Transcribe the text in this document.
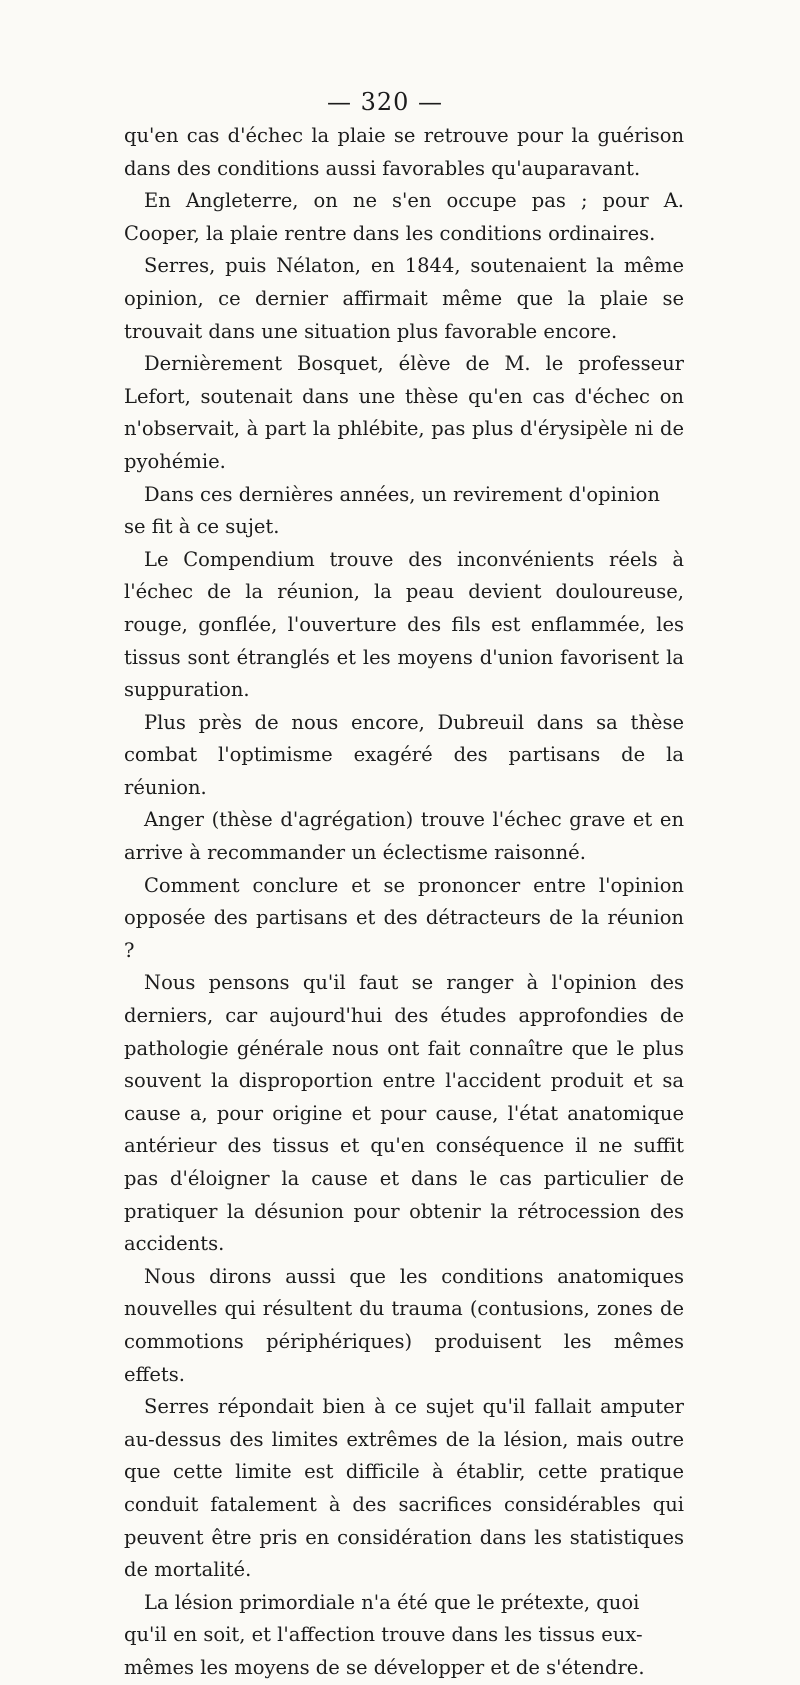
— 320 —

qu'en cas d'échec la plaie se retrouve pour la guérison dans des conditions aussi favorables qu'auparavant.

En Angleterre, on ne s'en occupe pas ; pour A. Cooper, la plaie rentre dans les conditions ordinaires.

Serres, puis Nélaton, en 1844, soutenaient la même opinion, ce dernier affirmait même que la plaie se trouvait dans une situation plus favorable encore.

Dernièrement Bosquet, élève de M. le professeur Lefort, soutenait dans une thèse qu'en cas d'échec on n'observait, à part la phlébite, pas plus d'érysipèle ni de pyohémie.

Dans ces dernières années, un revirement d'opinion se fit à ce sujet.

Le Compendium trouve des inconvénients réels à l'échec de la réunion, la peau devient douloureuse, rouge, gonflée, l'ouverture des fils est enflammée, les tissus sont étranglés et les moyens d'union favorisent la suppuration.

Plus près de nous encore, Dubreuil dans sa thèse combat l'optimisme exagéré des partisans de la réunion.

Anger (thèse d'agrégation) trouve l'échec grave et en arrive à recommander un éclectisme raisonné.

Comment conclure et se prononcer entre l'opinion opposée des partisans et des détracteurs de la réunion ?

Nous pensons qu'il faut se ranger à l'opinion des derniers, car aujourd'hui des études approfondies de pathologie générale nous ont fait connaître que le plus souvent la disproportion entre l'accident produit et sa cause a, pour origine et pour cause, l'état anatomique antérieur des tissus et qu'en conséquence il ne suffit pas d'éloigner la cause et dans le cas particulier de pratiquer la désunion pour obtenir la rétrocession des accidents.

Nous dirons aussi que les conditions anatomiques nouvelles qui résultent du trauma (contusions, zones de commotions périphériques) produisent les mêmes effets.

Serres répondait bien à ce sujet qu'il fallait amputer au-dessus des limites extrêmes de la lésion, mais outre que cette limite est difficile à établir, cette pratique conduit fatalement à des sacrifices considérables qui peuvent être pris en considération dans les statistiques de mortalité.

La lésion primordiale n'a été que le prétexte, quoi qu'il en soit, et l'affection trouve dans les tissus eux-mêmes les moyens de se développer et de s'étendre.
